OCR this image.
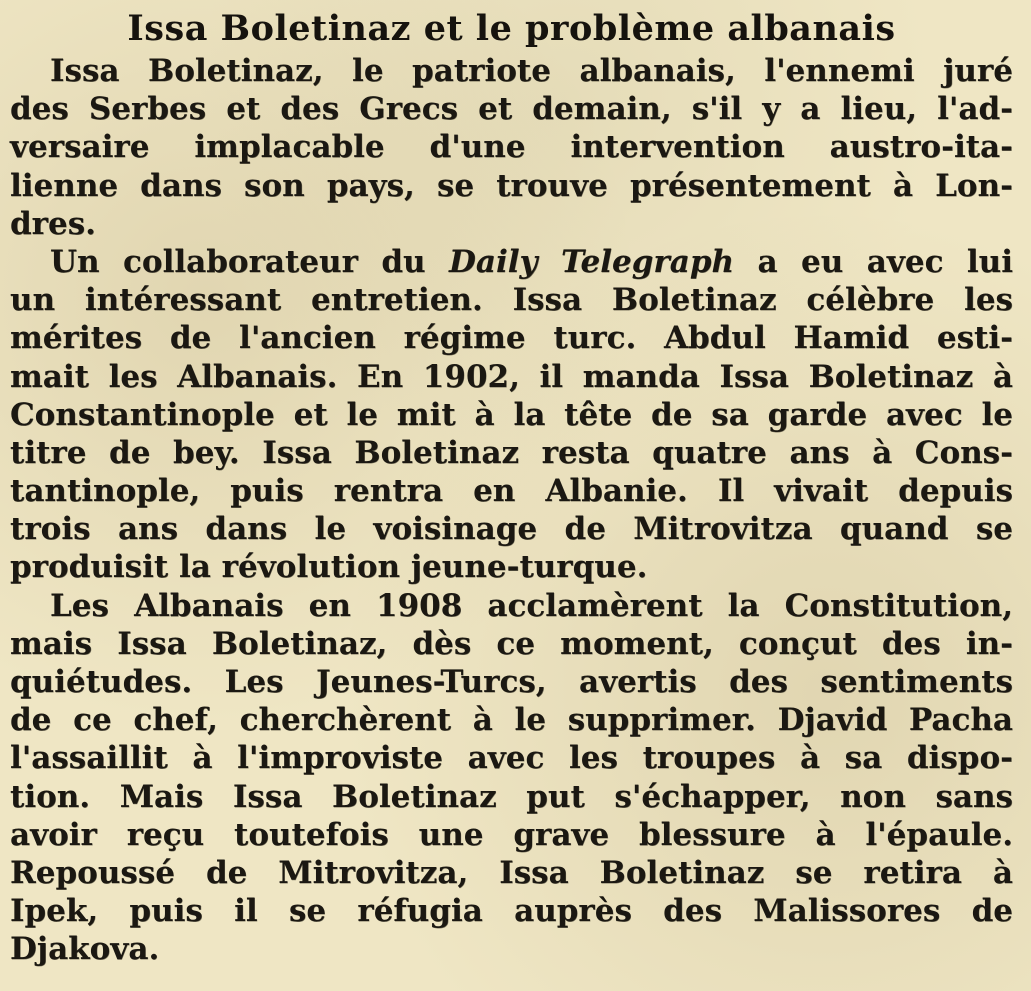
Issa Boletinaz et le problème albanais
Issa Boletinaz, le patriote albanais, l'ennemi juré
des Serbes et des Grecs et demain, s'il y a lieu, l'ad-
versaire implacable d'une intervention austro-ita-
lienne dans son pays, se trouve présentement à Lon-
dres.
Un collaborateur du Daily Telegraph a eu avec lui
un intéressant entretien. Issa Boletinaz célèbre les
mérites de l'ancien régime turc. Abdul Hamid esti-
mait les Albanais. En 1902, il manda Issa Boletinaz à
Constantinople et le mit à la tête de sa garde avec le
titre de bey. Issa Boletinaz resta quatre ans à Cons-
tantinople, puis rentra en Albanie. Il vivait depuis
trois ans dans le voisinage de Mitrovitza quand se
produisit la révolution jeune-turque.
Les Albanais en 1908 acclamèrent la Constitution,
mais Issa Boletinaz, dès ce moment, conçut des in-
quiétudes. Les Jeunes-Turcs, avertis des sentiments
de ce chef, cherchèrent à le supprimer. Djavid Pacha
l'assaillit à l'improviste avec les troupes à sa dispo-
tion. Mais Issa Boletinaz put s'échapper, non sans
avoir reçu toutefois une grave blessure à l'épaule.
Repoussé de Mitrovitza, Issa Boletinaz se retira à
Ipek, puis il se réfugia auprès des Malissores de
Djakova.
